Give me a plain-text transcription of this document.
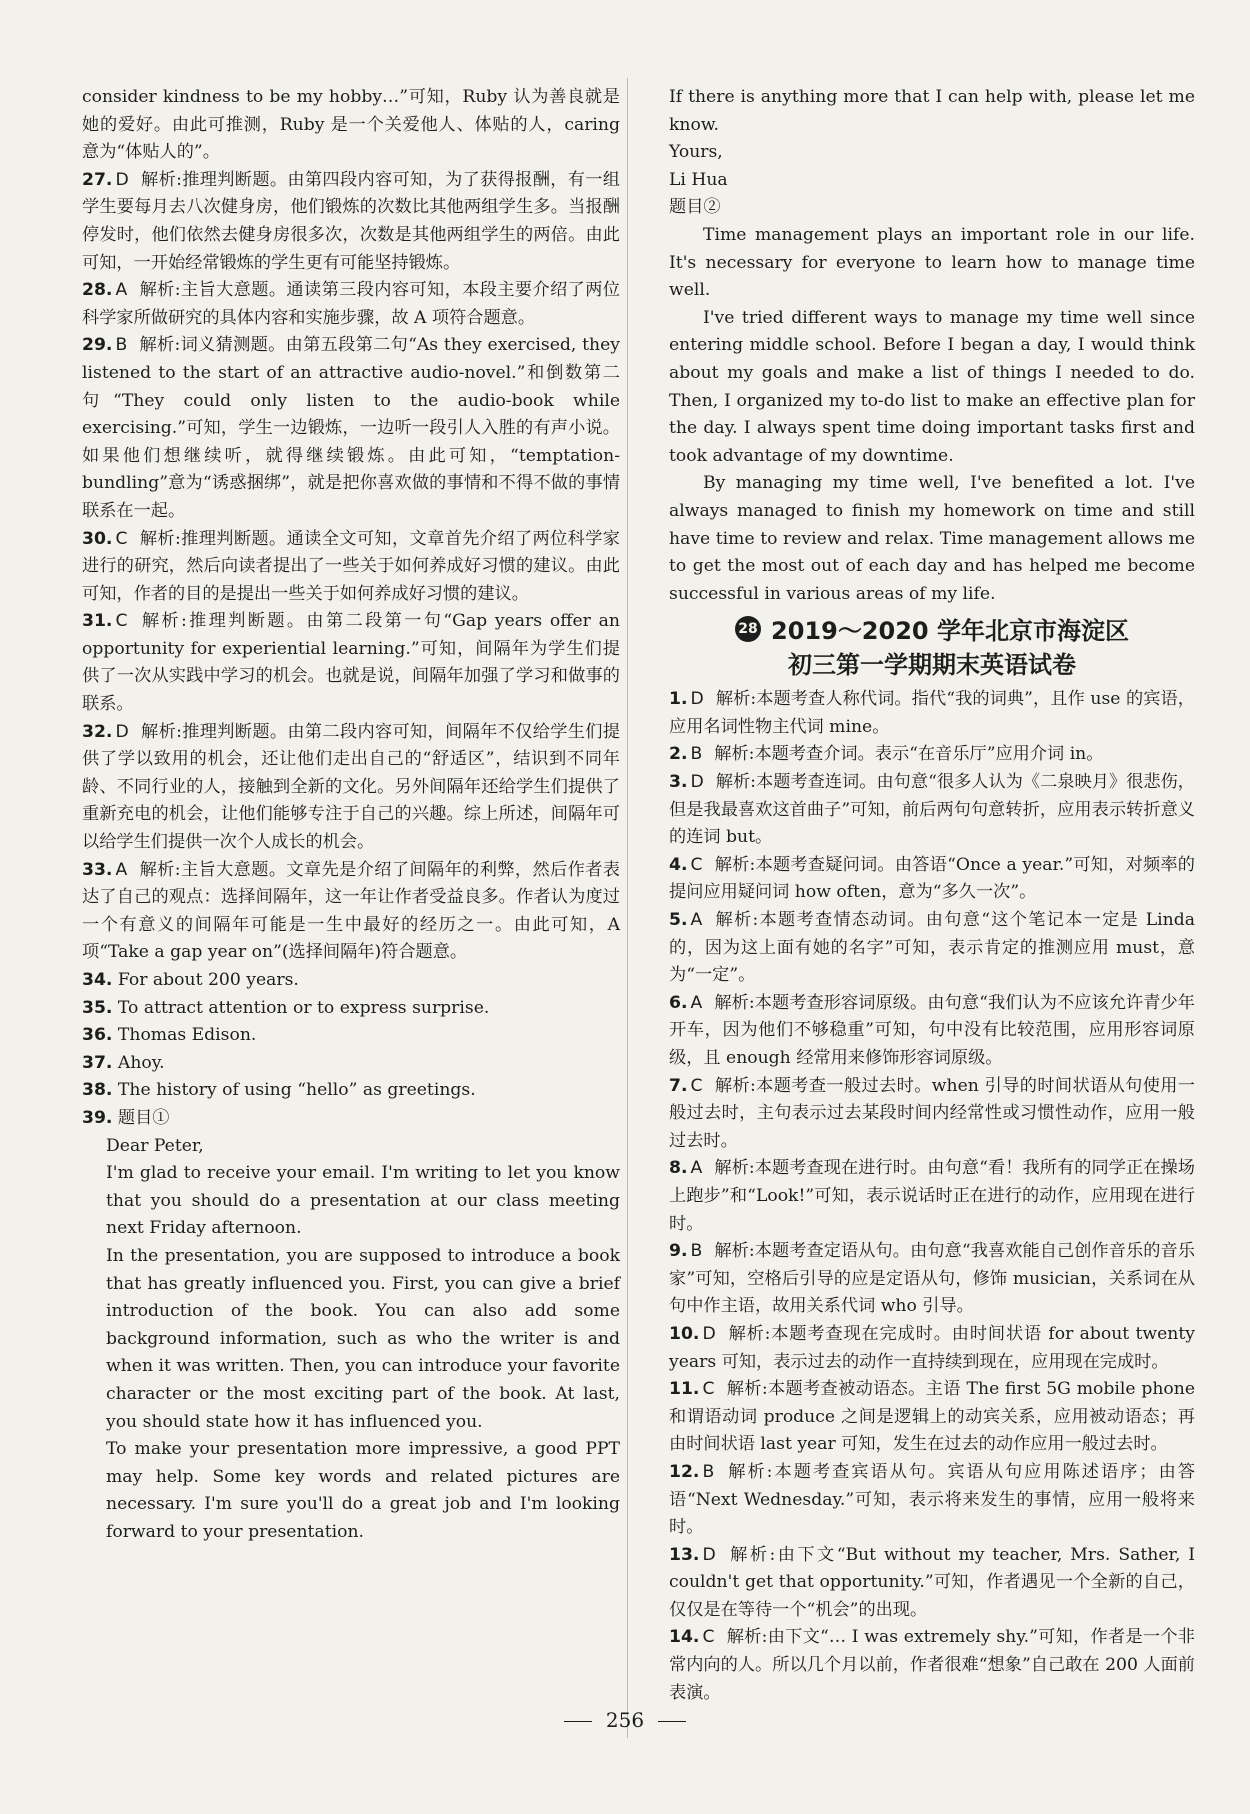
consider kindness to be my hobby…”可知，Ruby 认为善良就是她的爱好。由此可推测，Ruby 是一个关爱他人、体贴的人，caring 意为“体贴人的”。

27. D 解析:推理判断题。由第四段内容可知，为了获得报酬，有一组学生要每月去八次健身房，他们锻炼的次数比其他两组学生多。当报酬停发时，他们依然去健身房很多次，次数是其他两组学生的两倍。由此可知，一开始经常锻炼的学生更有可能坚持锻炼。

28. A 解析:主旨大意题。通读第三段内容可知，本段主要介绍了两位科学家所做研究的具体内容和实施步骤，故 A 项符合题意。

29. B 解析:词义猜测题。由第五段第二句“As they exercised, they listened to the start of an attractive audio-novel.”和倒数第二句“They could only listen to the audio-book while exercising.”可知，学生一边锻炼，一边听一段引人入胜的有声小说。如果他们想继续听，就得继续锻炼。由此可知，“temptation-bundling”意为“诱惑捆绑”，就是把你喜欢做的事情和不得不做的事情联系在一起。

30. C 解析:推理判断题。通读全文可知，文章首先介绍了两位科学家进行的研究，然后向读者提出了一些关于如何养成好习惯的建议。由此可知，作者的目的是提出一些关于如何养成好习惯的建议。

31. C 解析:推理判断题。由第二段第一句“Gap years offer an opportunity for experiential learning.”可知，间隔年为学生们提供了一次从实践中学习的机会。也就是说，间隔年加强了学习和做事的联系。

32. D 解析:推理判断题。由第二段内容可知，间隔年不仅给学生们提供了学以致用的机会，还让他们走出自己的“舒适区”，结识到不同年龄、不同行业的人，接触到全新的文化。另外间隔年还给学生们提供了重新充电的机会，让他们能够专注于自己的兴趣。综上所述，间隔年可以给学生们提供一次个人成长的机会。

33. A 解析:主旨大意题。文章先是介绍了间隔年的利弊，然后作者表达了自己的观点：选择间隔年，这一年让作者受益良多。作者认为度过一个有意义的间隔年可能是一生中最好的经历之一。由此可知，A 项“Take a gap year on”(选择间隔年)符合题意。

34. For about 200 years.

35. To attract attention or to express surprise.

36. Thomas Edison.

37. Ahoy.

38. The history of using “hello” as greetings.

39. 题目①

Dear Peter,

I'm glad to receive your email. I'm writing to let you know that you should do a presentation at our class meeting next Friday afternoon.

In the presentation, you are supposed to introduce a book that has greatly influenced you. First, you can give a brief introduction of the book. You can also add some background information, such as who the writer is and when it was written. Then, you can introduce your favorite character or the most exciting part of the book. At last, you should state how it has influenced you.

To make your presentation more impressive, a good PPT may help. Some key words and related pictures are necessary. I'm sure you'll do a great job and I'm looking forward to your presentation.

If there is anything more that I can help with, please let me know.

Yours,

Li Hua

题目②

Time management plays an important role in our life. It's necessary for everyone to learn how to manage time well.

I've tried different ways to manage my time well since entering middle school. Before I began a day, I would think about my goals and make a list of things I needed to do. Then, I organized my to-do list to make an effective plan for the day. I always spent time doing important tasks first and took advantage of my downtime.

By managing my time well, I've benefited a lot. I've always managed to finish my homework on time and still have time to review and relax. Time management allows me to get the most out of each day and has helped me become successful in various areas of my life.

28 2019～2020 学年北京市海淀区
初三第一学期期末英语试卷

1. D 解析:本题考查人称代词。指代“我的词典”，且作 use 的宾语，应用名词性物主代词 mine。

2. B 解析:本题考查介词。表示“在音乐厅”应用介词 in。

3. D 解析:本题考查连词。由句意“很多人认为《二泉映月》很悲伤，但是我最喜欢这首曲子”可知，前后两句句意转折，应用表示转折意义的连词 but。

4. C 解析:本题考查疑问词。由答语“Once a year.”可知，对频率的提问应用疑问词 how often，意为“多久一次”。

5. A 解析:本题考查情态动词。由句意“这个笔记本一定是 Linda 的，因为这上面有她的名字”可知，表示肯定的推测应用 must，意为“一定”。

6. A 解析:本题考查形容词原级。由句意“我们认为不应该允许青少年开车，因为他们不够稳重”可知，句中没有比较范围，应用形容词原级，且 enough 经常用来修饰形容词原级。

7. C 解析:本题考查一般过去时。when 引导的时间状语从句使用一般过去时，主句表示过去某段时间内经常性或习惯性动作，应用一般过去时。

8. A 解析:本题考查现在进行时。由句意“看！我所有的同学正在操场上跑步”和“Look!”可知，表示说话时正在进行的动作，应用现在进行时。

9. B 解析:本题考查定语从句。由句意“我喜欢能自己创作音乐的音乐家”可知，空格后引导的应是定语从句，修饰 musician，关系词在从句中作主语，故用关系代词 who 引导。

10. D 解析:本题考查现在完成时。由时间状语 for about twenty years 可知，表示过去的动作一直持续到现在，应用现在完成时。

11. C 解析:本题考查被动语态。主语 The first 5G mobile phone 和谓语动词 produce 之间是逻辑上的动宾关系，应用被动语态；再由时间状语 last year 可知，发生在过去的动作应用一般过去时。

12. B 解析:本题考查宾语从句。宾语从句应用陈述语序；由答语“Next Wednesday.”可知，表示将来发生的事情，应用一般将来时。

13. D 解析:由下文“But without my teacher, Mrs. Sather, I couldn't get that opportunity.”可知，作者遇见一个全新的自己，仅仅是在等待一个“机会”的出现。

14. C 解析:由下文“… I was extremely shy.”可知，作者是一个非常内向的人。所以几个月以前，作者很难“想象”自己敢在 200 人面前表演。

256
